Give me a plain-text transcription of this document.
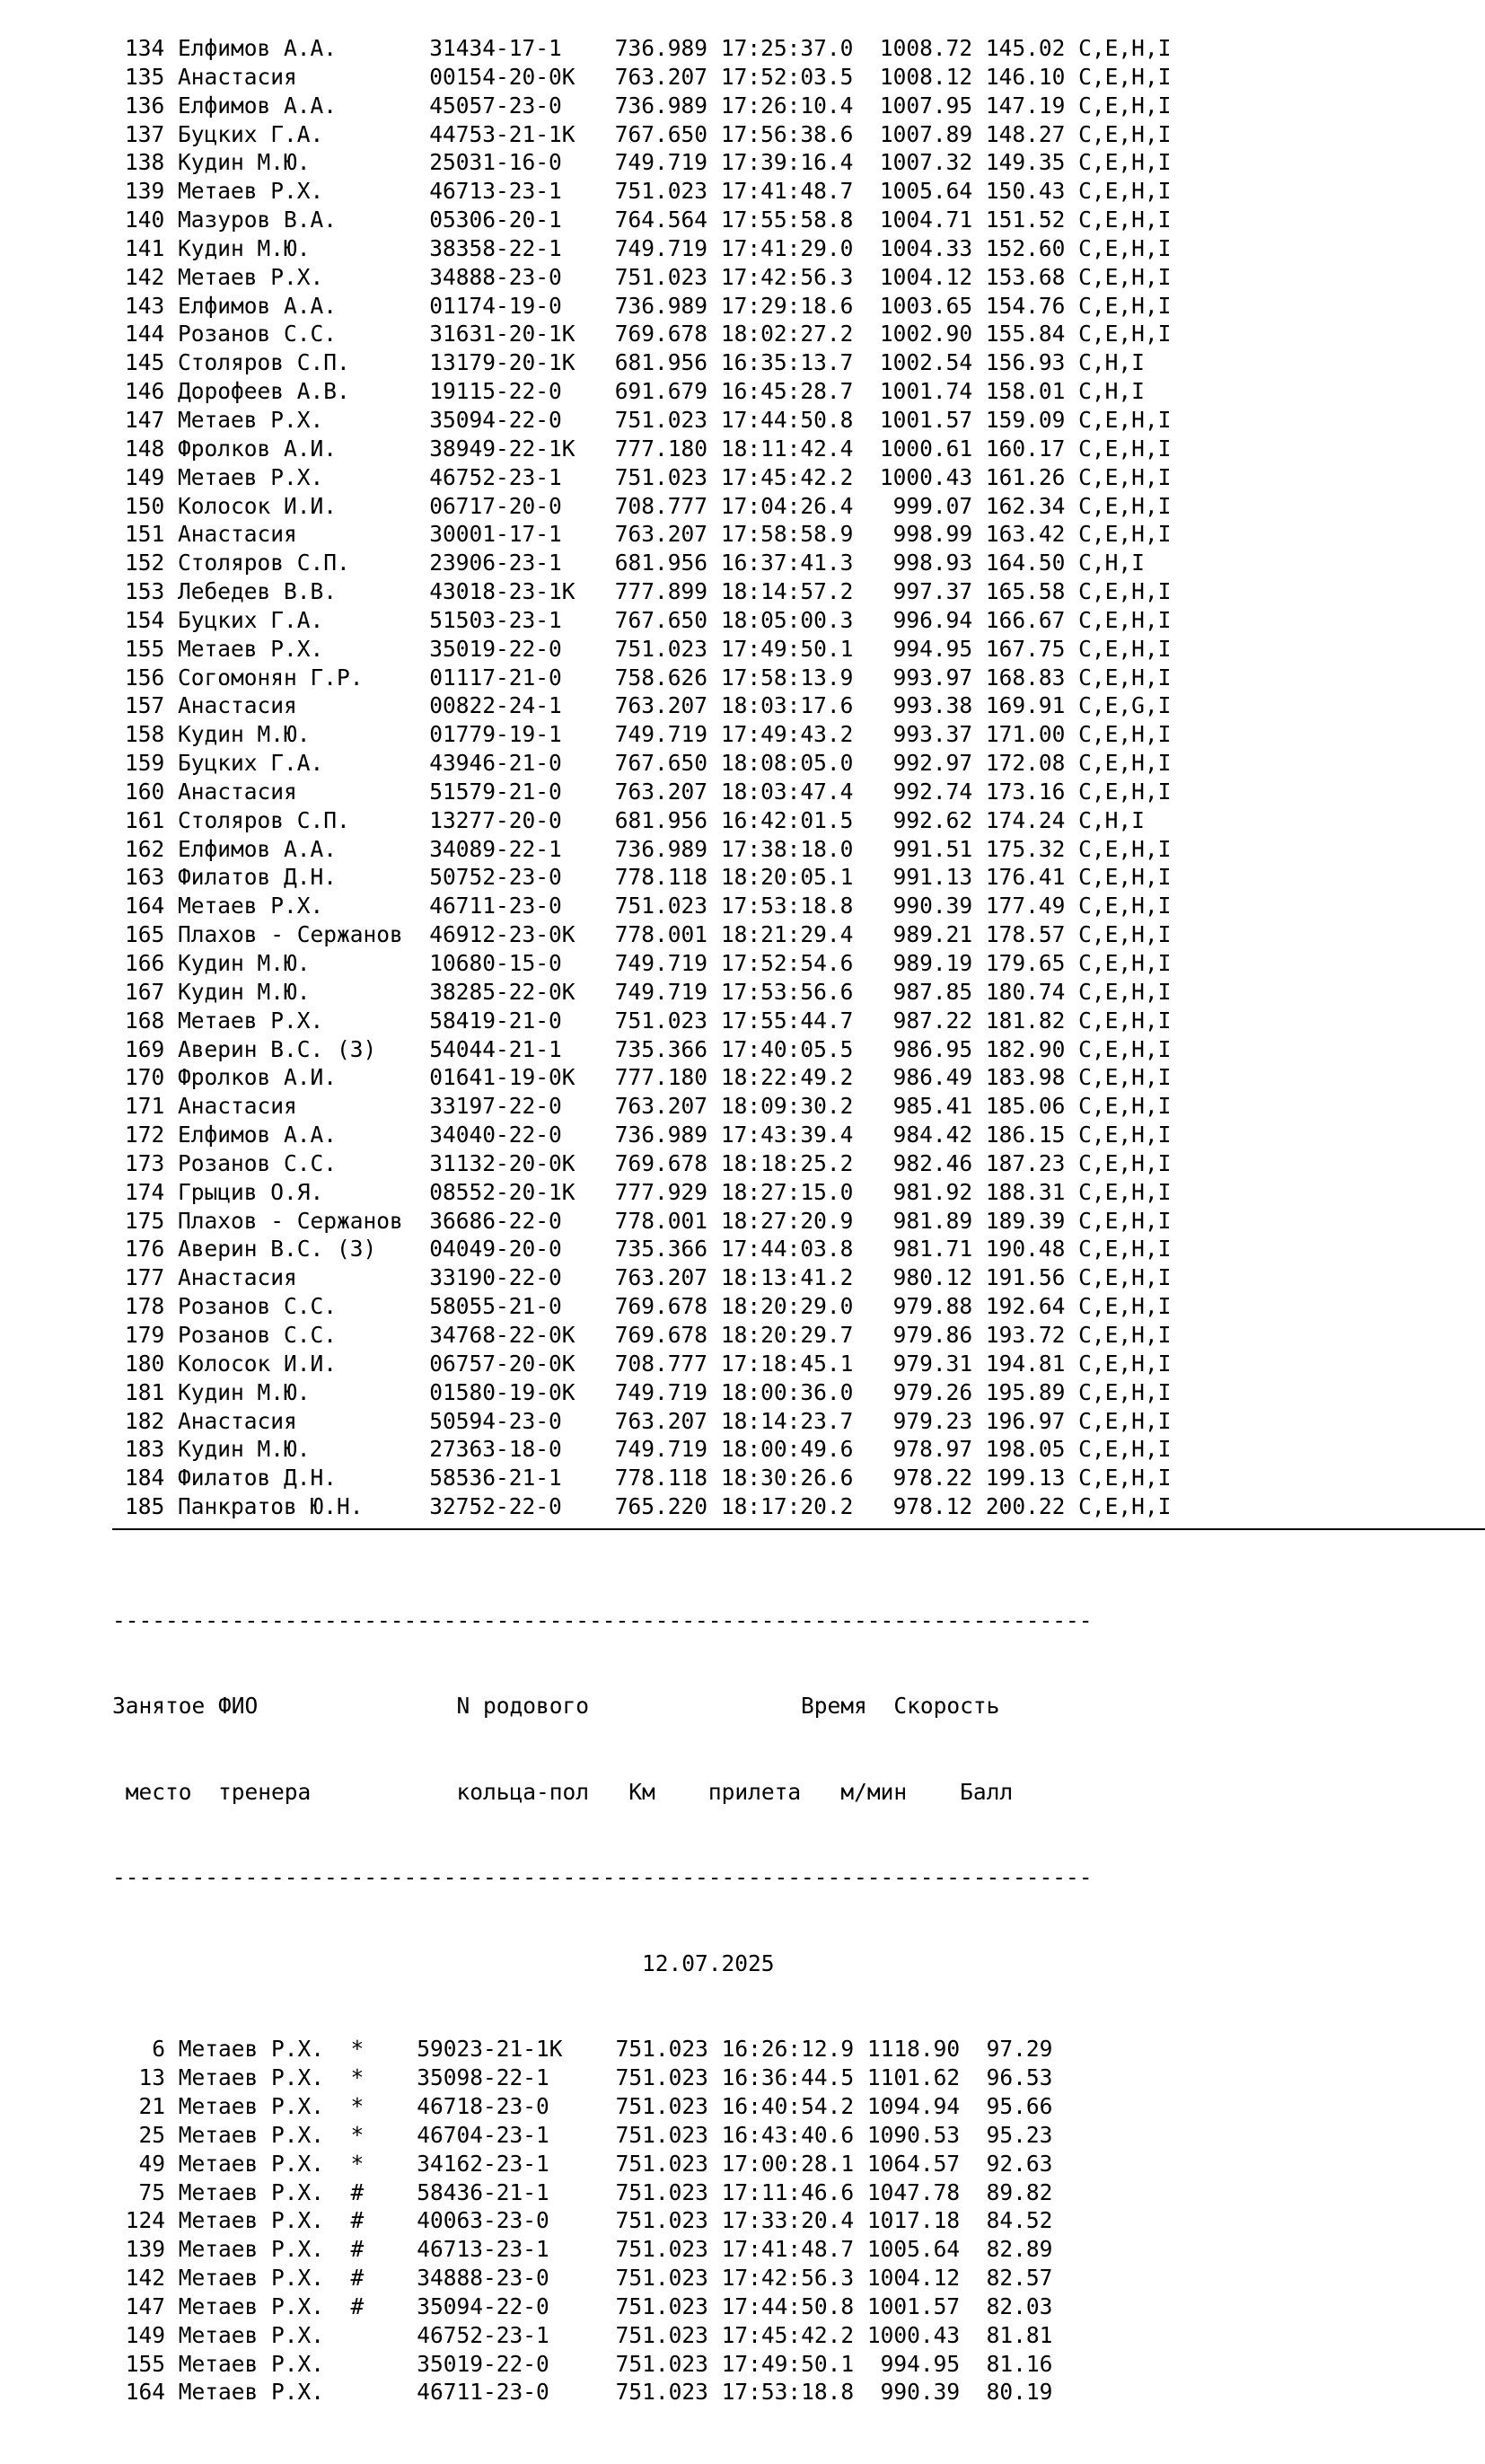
134 Елфимов А.А.       31434-17-1    736.989 17:25:37.0  1008.72 145.02 C,E,H,I
135 Анастасия          00154-20-0К   763.207 17:52:03.5  1008.12 146.10 C,E,H,I
136 Елфимов А.А.       45057-23-0    736.989 17:26:10.4  1007.95 147.19 C,E,H,I
137 Буцких Г.А.        44753-21-1К   767.650 17:56:38.6  1007.89 148.27 C,E,H,I
138 Кудин М.Ю.         25031-16-0    749.719 17:39:16.4  1007.32 149.35 C,E,H,I
139 Метаев Р.Х.        46713-23-1    751.023 17:41:48.7  1005.64 150.43 C,E,H,I
140 Мазуров В.А.       05306-20-1    764.564 17:55:58.8  1004.71 151.52 C,E,H,I
141 Кудин М.Ю.         38358-22-1    749.719 17:41:29.0  1004.33 152.60 C,E,H,I
142 Метаев Р.Х.        34888-23-0    751.023 17:42:56.3  1004.12 153.68 C,E,H,I
143 Елфимов А.А.       01174-19-0    736.989 17:29:18.6  1003.65 154.76 C,E,H,I
144 Розанов С.С.       31631-20-1К   769.678 18:02:27.2  1002.90 155.84 C,E,H,I
145 Столяров С.П.      13179-20-1К   681.956 16:35:13.7  1002.54 156.93 C,H,I
146 Дорофеев А.В.      19115-22-0    691.679 16:45:28.7  1001.74 158.01 C,H,I
147 Метаев Р.Х.        35094-22-0    751.023 17:44:50.8  1001.57 159.09 C,E,H,I
148 Фролков А.И.       38949-22-1К   777.180 18:11:42.4  1000.61 160.17 C,E,H,I
149 Метаев Р.Х.        46752-23-1    751.023 17:45:42.2  1000.43 161.26 C,E,H,I
150 Колосок И.И.       06717-20-0    708.777 17:04:26.4   999.07 162.34 C,E,H,I
151 Анастасия          30001-17-1    763.207 17:58:58.9   998.99 163.42 C,E,H,I
152 Столяров С.П.      23906-23-1    681.956 16:37:41.3   998.93 164.50 C,H,I
153 Лебедев В.В.       43018-23-1К   777.899 18:14:57.2   997.37 165.58 C,E,H,I
154 Буцких Г.А.        51503-23-1    767.650 18:05:00.3   996.94 166.67 C,E,H,I
155 Метаев Р.Х.        35019-22-0    751.023 17:49:50.1   994.95 167.75 C,E,H,I
156 Согомонян Г.Р.     01117-21-0    758.626 17:58:13.9   993.97 168.83 C,E,H,I
157 Анастасия          00822-24-1    763.207 18:03:17.6   993.38 169.91 C,E,G,I
158 Кудин М.Ю.         01779-19-1    749.719 17:49:43.2   993.37 171.00 C,E,H,I
159 Буцких Г.А.        43946-21-0    767.650 18:08:05.0   992.97 172.08 C,E,H,I
160 Анастасия          51579-21-0    763.207 18:03:47.4   992.74 173.16 C,E,H,I
161 Столяров С.П.      13277-20-0    681.956 16:42:01.5   992.62 174.24 C,H,I
162 Елфимов А.А.       34089-22-1    736.989 17:38:18.0   991.51 175.32 C,E,H,I
163 Филатов Д.Н.       50752-23-0    778.118 18:20:05.1   991.13 176.41 C,E,H,I
164 Метаев Р.Х.        46711-23-0    751.023 17:53:18.8   990.39 177.49 C,E,H,I
165 Плахов - Сержанов  46912-23-0К   778.001 18:21:29.4   989.21 178.57 C,E,H,I
166 Кудин М.Ю.         10680-15-0    749.719 17:52:54.6   989.19 179.65 C,E,H,I
167 Кудин М.Ю.         38285-22-0К   749.719 17:53:56.6   987.85 180.74 C,E,H,I
168 Метаев Р.Х.        58419-21-0    751.023 17:55:44.7   987.22 181.82 C,E,H,I
169 Аверин В.С. (З)    54044-21-1    735.366 17:40:05.5   986.95 182.90 C,E,H,I
170 Фролков А.И.       01641-19-0К   777.180 18:22:49.2   986.49 183.98 C,E,H,I
171 Анастасия          33197-22-0    763.207 18:09:30.2   985.41 185.06 C,E,H,I
172 Елфимов А.А.       34040-22-0    736.989 17:43:39.4   984.42 186.15 C,E,H,I
173 Розанов С.С.       31132-20-0К   769.678 18:18:25.2   982.46 187.23 C,E,H,I
174 Грыцив О.Я.        08552-20-1К   777.929 18:27:15.0   981.92 188.31 C,E,H,I
175 Плахов - Сержанов  36686-22-0    778.001 18:27:20.9   981.89 189.39 C,E,H,I
176 Аверин В.С. (З)    04049-20-0    735.366 17:44:03.8   981.71 190.48 C,E,H,I
177 Анастасия          33190-22-0    763.207 18:13:41.2   980.12 191.56 C,E,H,I
178 Розанов С.С.       58055-21-0    769.678 18:20:29.0   979.88 192.64 C,E,H,I
179 Розанов С.С.       34768-22-0К   769.678 18:20:29.7   979.86 193.72 C,E,H,I
180 Колосок И.И.       06757-20-0К   708.777 17:18:45.1   979.31 194.81 C,E,H,I
181 Кудин М.Ю.         01580-19-0К   749.719 18:00:36.0   979.26 195.89 C,E,H,I
182 Анастасия          50594-23-0    763.207 18:14:23.7   979.23 196.97 C,E,H,I
183 Кудин М.Ю.         27363-18-0    749.719 18:00:49.6   978.97 198.05 C,E,H,I
184 Филатов Д.Н.       58536-21-1    778.118 18:30:26.6   978.22 199.13 C,E,H,I
185 Панкратов Ю.Н.     32752-22-0    765.220 18:17:20.2   978.12 200.22 C,E,H,I

--------------------------------------------------------------------------

Занятое ФИО               N родового                Время  Скорость

место  тренера           кольца-пол   Км    прилета   м/мин    Балл

--------------------------------------------------------------------------

12.07.2025

6 Метаев Р.Х.  *    59023-21-1К    751.023 16:26:12.9 1118.90  97.29
13 Метаев Р.Х.  *    35098-22-1     751.023 16:36:44.5 1101.62  96.53
21 Метаев Р.Х.  *    46718-23-0     751.023 16:40:54.2 1094.94  95.66
25 Метаев Р.Х.  *    46704-23-1     751.023 16:43:40.6 1090.53  95.23
49 Метаев Р.Х.  *    34162-23-1     751.023 17:00:28.1 1064.57  92.63
75 Метаев Р.Х.  #    58436-21-1     751.023 17:11:46.6 1047.78  89.82
124 Метаев Р.Х.  #    40063-23-0     751.023 17:33:20.4 1017.18  84.52
139 Метаев Р.Х.  #    46713-23-1     751.023 17:41:48.7 1005.64  82.89
142 Метаев Р.Х.  #    34888-23-0     751.023 17:42:56.3 1004.12  82.57
147 Метаев Р.Х.  #    35094-22-0     751.023 17:44:50.8 1001.57  82.03
149 Метаев Р.Х.	46752-23-1     751.023 17:45:42.2 1000.43  81.81
155 Метаев Р.Х.	35019-22-0     751.023 17:49:50.1  994.95  81.16
164 Метаев Р.Х.	46711-23-0     751.023 17:53:18.8  990.39  80.19
